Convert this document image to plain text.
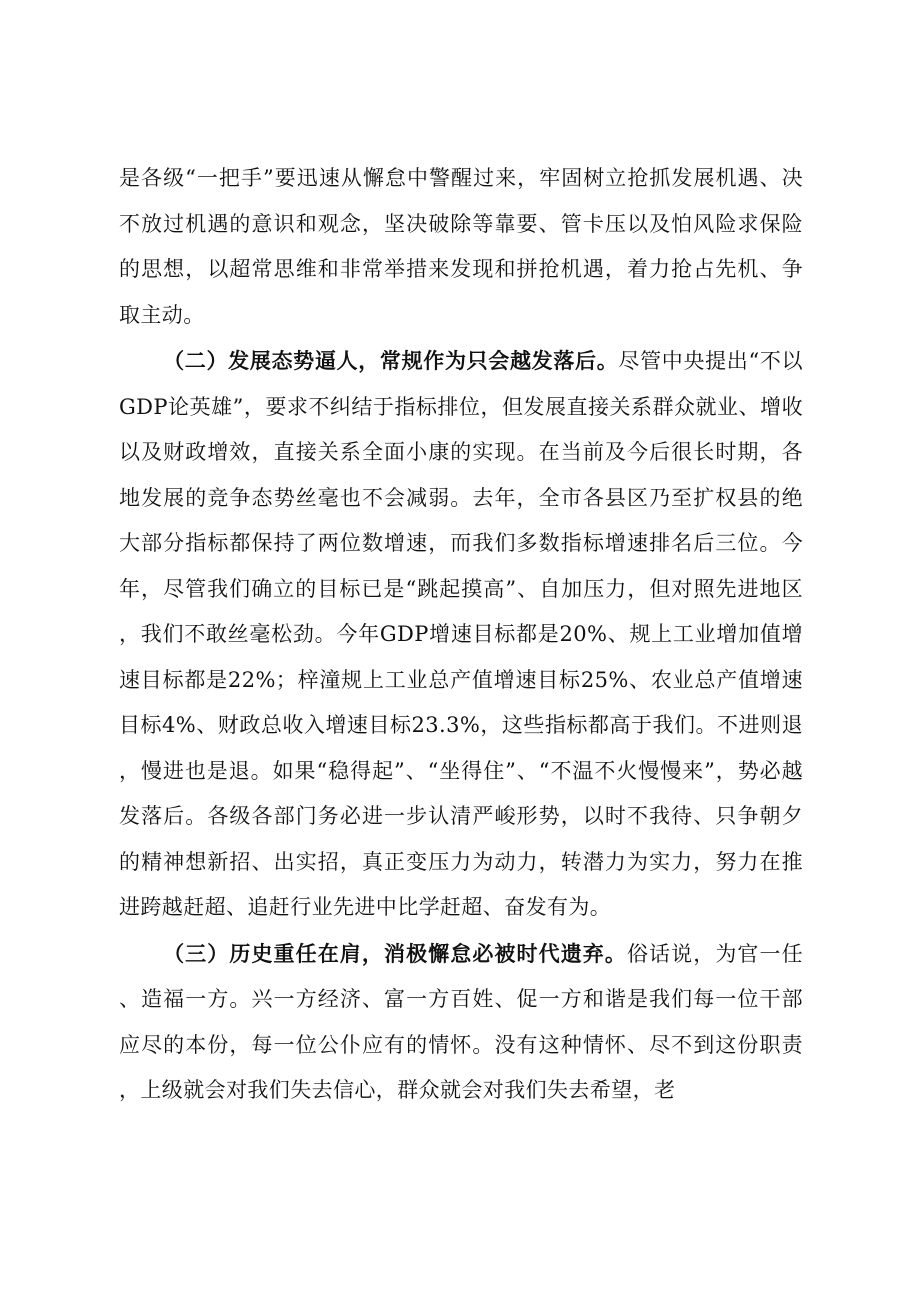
是各级“一把手”要迅速从懈怠中警醒过来，牢固树立抢抓发展机遇、决不放过机遇的意识和观念，坚决破除等靠要、管卡压以及怕风险求保险的思想，以超常思维和非常举措来发现和拼抢机遇，着力抢占先机、争取主动。

（二）发展态势逼人，常规作为只会越发落后。尽管中央提出“不以GDP论英雄”，要求不纠结于指标排位，但发展直接关系群众就业、增收以及财政增效，直接关系全面小康的实现。在当前及今后很长时期，各地发展的竞争态势丝毫也不会减弱。去年，全市各县区乃至扩权县的绝大部分指标都保持了两位数增速，而我们多数指标增速排名后三位。今年，尽管我们确立的目标已是“跳起摸高”、自加压力，但对照先进地区，我们不敢丝毫松劲。今年GDP增速目标都是20%、规上工业增加值增速目标都是22%；梓潼规上工业总产值增速目标25%、农业总产值增速目标4%、财政总收入增速目标23.3%，这些指标都高于我们。不进则退，慢进也是退。如果“稳得起”、“坐得住”、“不温不火慢慢来”，势必越发落后。各级各部门务必进一步认清严峻形势，以时不我待、只争朝夕的精神想新招、出实招，真正变压力为动力，转潜力为实力，努力在推进跨越赶超、追赶行业先进中比学赶超、奋发有为。

（三）历史重任在肩，消极懈怠必被时代遗弃。俗话说，为官一任、造福一方。兴一方经济、富一方百姓、促一方和谐是我们每一位干部应尽的本份，每一位公仆应有的情怀。没有这种情怀、尽不到这份职责，上级就会对我们失去信心，群众就会对我们失去希望，老
